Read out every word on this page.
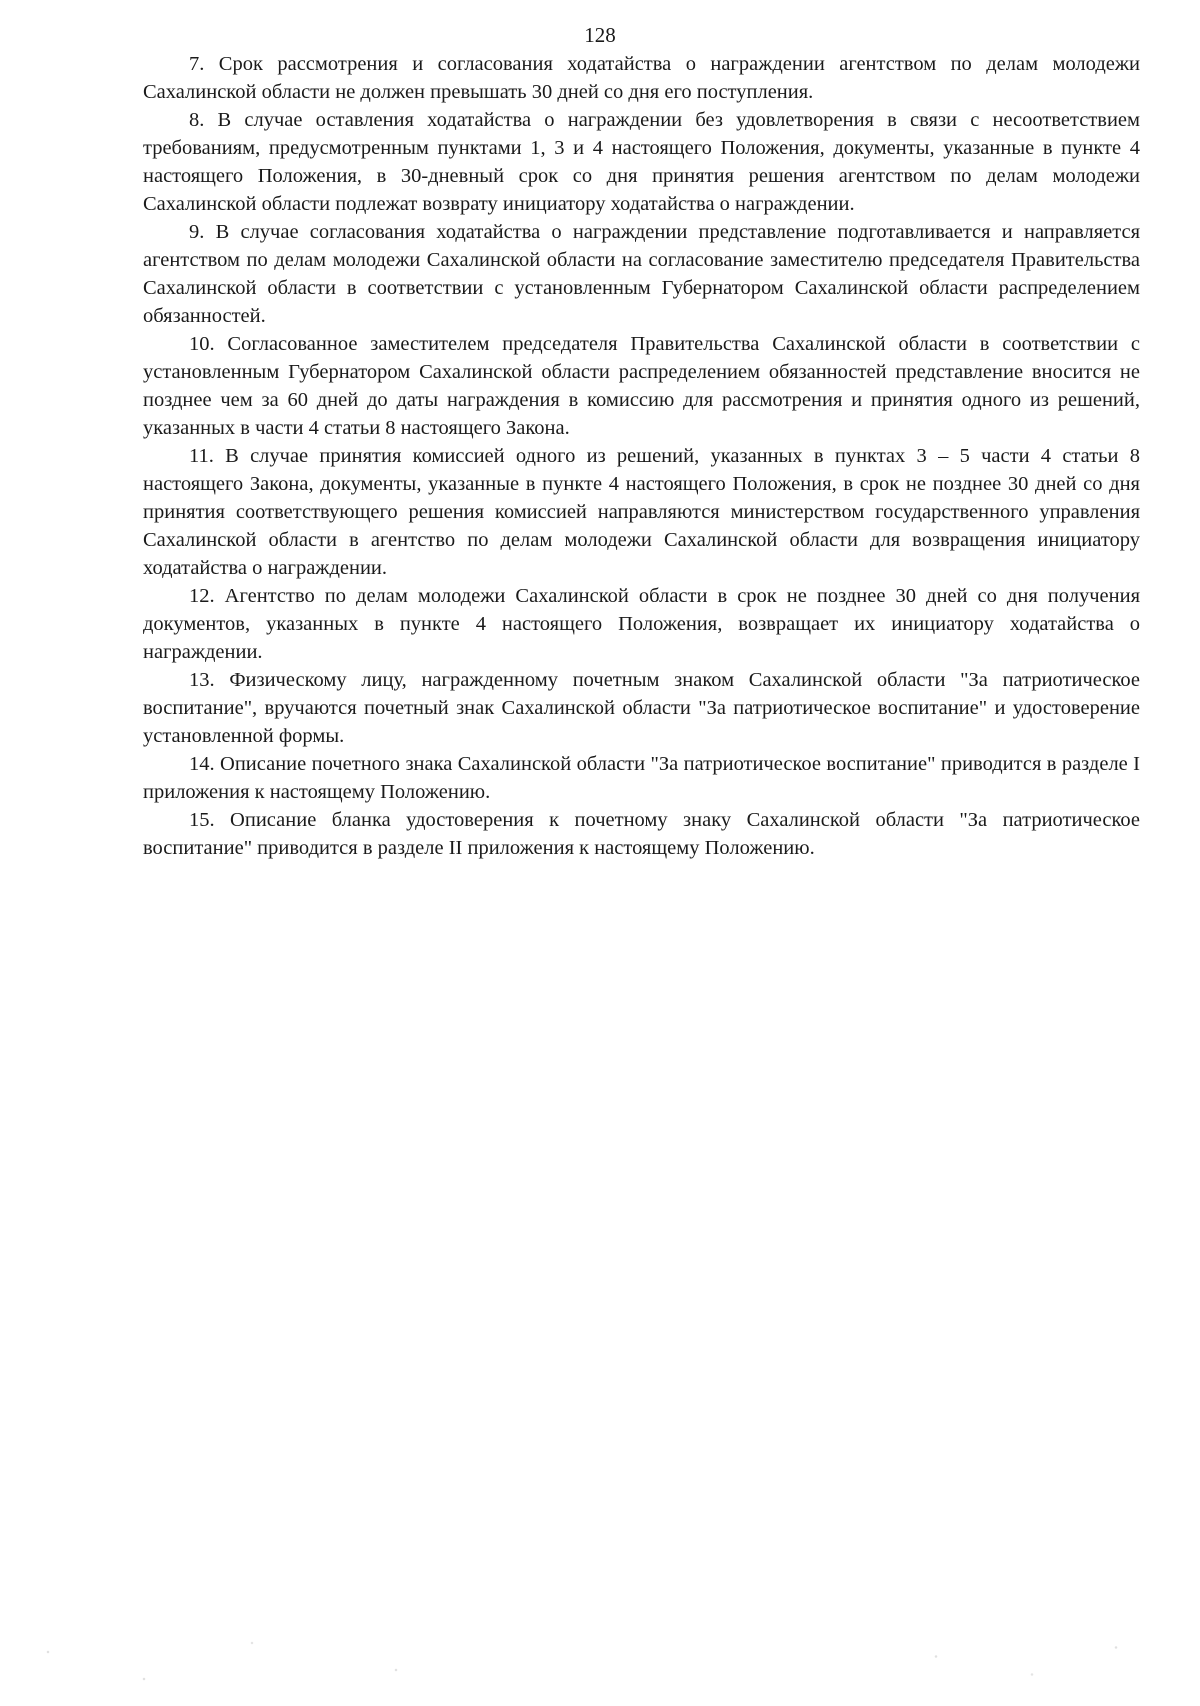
128

7. Срок рассмотрения и согласования ходатайства о награждении агентством по делам молодежи Сахалинской области не должен превышать 30 дней со дня его поступления.

8. В случае оставления ходатайства о награждении без удовлетворения в связи с несоответствием требованиям, предусмотренным пунктами 1, 3 и 4 настоящего Положения, документы, указанные в пункте 4 настоящего Положения, в 30-дневный срок со дня принятия решения агентством по делам молодежи Сахалинской области подлежат возврату инициатору ходатайства о награждении.

9. В случае согласования ходатайства о награждении представление подготавливается и направляется агентством по делам молодежи Сахалинской области на согласование заместителю председателя Правительства Сахалинской области в соответствии с установленным Губернатором Сахалинской области распределением обязанностей.

10. Согласованное заместителем председателя Правительства Сахалинской области в соответствии с установленным Губернатором Сахалинской области распределением обязанностей представление вносится не позднее чем за 60 дней до даты награждения в комиссию для рассмотрения и принятия одного из решений, указанных в части 4 статьи 8 настоящего Закона.

11. В случае принятия комиссией одного из решений, указанных в пунктах 3 – 5 части 4 статьи 8 настоящего Закона, документы, указанные в пункте 4 настоящего Положения, в срок не позднее 30 дней со дня принятия соответствующего решения комиссией направляются министерством государственного управления Сахалинской области в агентство по делам молодежи Сахалинской области для возвращения инициатору ходатайства о награждении.

12. Агентство по делам молодежи Сахалинской области в срок не позднее 30 дней со дня получения документов, указанных в пункте 4 настоящего Положения, возвращает их инициатору ходатайства о награждении.

13. Физическому лицу, награжденному почетным знаком Сахалинской области "За патриотическое воспитание", вручаются почетный знак Сахалинской области "За патриотическое воспитание" и удостоверение установленной формы.

14. Описание почетного знака Сахалинской области "За патриотическое воспитание" приводится в разделе I приложения к настоящему Положению.

15. Описание бланка удостоверения к почетному знаку Сахалинской области "За патриотическое воспитание" приводится в разделе II приложения к настоящему Положению.
